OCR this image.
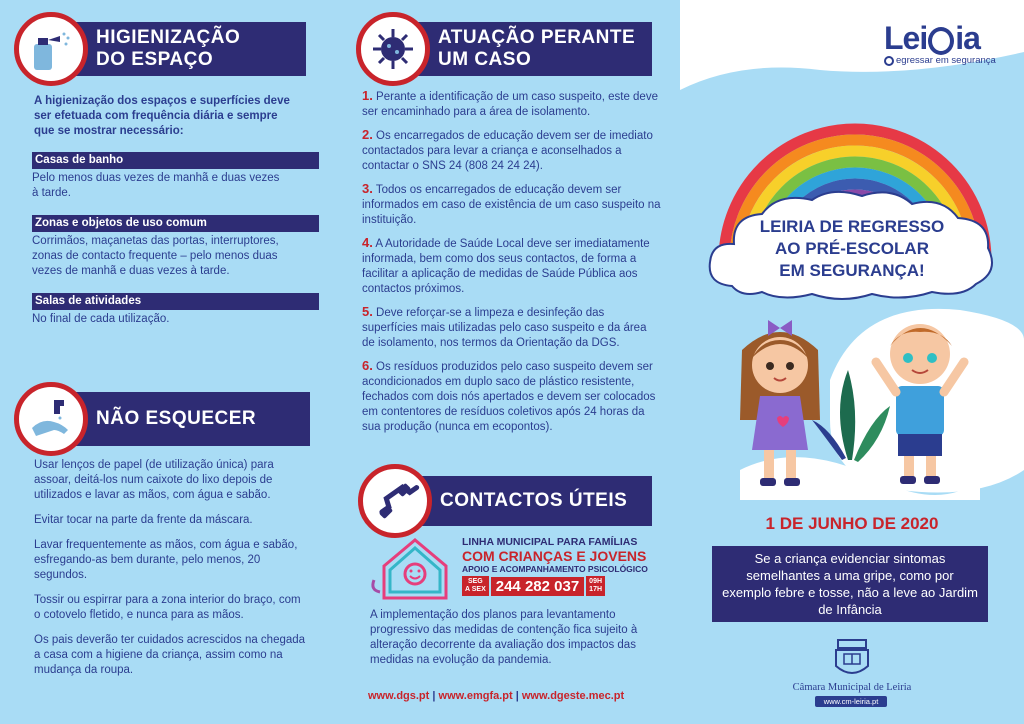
HIGIENIZAÇÃO
DO ESPAÇO
A higienização dos espaços e superfícies deve ser efetuada com frequência diária e sempre que se mostrar necessário:
Casas de banho
Pelo menos duas vezes de manhã e duas vezes à tarde.
Zonas e objetos de uso comum
Corrimãos, maçanetas das portas, interruptores, zonas de contacto frequente – pelo menos duas vezes de manhã e duas vezes à tarde.
Salas de atividades
No final de cada utilização.
NÃO ESQUECER
Usar lenços de papel (de utilização única) para assoar, deitá-los num caixote do lixo depois de utilizados e lavar as mãos, com água e sabão.
Evitar tocar na parte da frente da máscara.
Lavar frequentemente as mãos, com água e sabão, esfregando-as bem durante, pelo menos, 20 segundos.
Tossir ou espirrar para a zona interior do braço, com o cotovelo fletido, e nunca para as mãos.
Os pais deverão ter cuidados acrescidos na chegada a casa com a higiene da criança, assim como na mudança da roupa.
ATUAÇÃO PERANTE
UM CASO
1. Perante a identificação de um caso suspeito, este deve ser encaminhado para a área de isolamento.
2. Os encarregados de educação devem ser de imediato contactados para levar a criança e aconselhados a contactar o SNS 24 (808 24 24 24).
3. Todos os encarregados de educação devem ser informados em caso de existência de um caso suspeito na instituição.
4. A Autoridade de Saúde Local deve ser imediatamente informada, bem como dos seus contactos, de forma a facilitar a aplicação de medidas de Saúde Pública aos contactos próximos.
5. Deve reforçar-se a limpeza e desinfeção das superfícies mais utilizadas pelo caso suspeito e da área de isolamento, nos termos da Orientação da DGS.
6. Os resíduos produzidos pelo caso suspeito devem ser acondicionados em duplo saco de plástico resistente, fechados com dois nós apertados e devem ser colocados em contentores de resíduos coletivos após 24 horas da sua produção (nunca em ecopontos).
CONTACTOS ÚTEIS
LINHA MUNICIPAL PARA FAMÍLIAS
COM CRIANÇAS E JOVENS
APOIO E ACOMPANHAMENTO PSICOLÓGICO
SEG
A SEX 244 282 037	09H
17H
A implementação dos planos para levantamento progressivo das medidas de contenção fica sujeito à alteração decorrente da avaliação dos impactos das medidas na evolução da pandemia.
www.dgs.pt | www.emgfa.pt | www.dgeste.mec.pt
Lei ia
egressar em segurança
LEIRIA DE REGRESSO
AO PRÉ-ESCOLAR
EM SEGURANÇA!
1 DE JUNHO DE 2020
Se a criança evidenciar sintomas semelhantes a uma gripe, como por exemplo febre e tosse, não a leve ao Jardim de Infância
Câmara Municipal de Leiria
www.cm-leiria.pt
